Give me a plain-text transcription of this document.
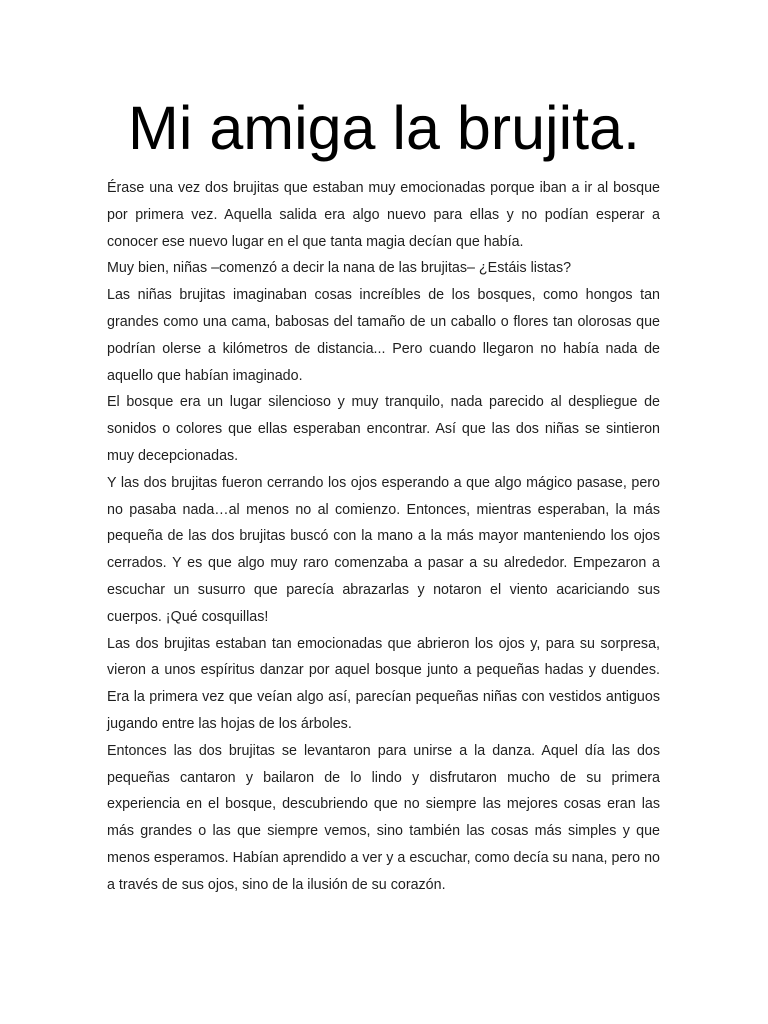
Mi amiga la brujita.

Érase una vez dos brujitas que estaban muy emocionadas porque iban a ir al bosque por primera vez. Aquella salida era algo nuevo para ellas y no podían esperar a conocer ese nuevo lugar en el que tanta magia decían que había.

Muy bien, niñas –comenzó a decir la nana de las brujitas– ¿Estáis listas?

Las niñas brujitas imaginaban cosas increíbles de los bosques, como hongos tan grandes como una cama, babosas del tamaño de un caballo o flores tan olorosas que podrían olerse a kilómetros de distancia... Pero cuando llegaron no había nada de aquello que habían imaginado.

El bosque era un lugar silencioso y muy tranquilo, nada parecido al despliegue de sonidos o colores que ellas esperaban encontrar. Así que las dos niñas se sintieron muy decepcionadas.

Y las dos brujitas fueron cerrando los ojos esperando a que algo mágico pasase, pero no pasaba nada…al menos no al comienzo. Entonces, mientras esperaban, la más pequeña de las dos brujitas buscó con la mano a la más mayor manteniendo los ojos cerrados. Y es que algo muy raro comenzaba a pasar a su alrededor. Empezaron a escuchar un susurro que parecía abrazarlas y notaron el viento acariciando sus cuerpos. ¡Qué cosquillas!

Las dos brujitas estaban tan emocionadas que abrieron los ojos y, para su sorpresa, vieron a unos espíritus danzar por aquel bosque junto a pequeñas hadas y duendes. Era la primera vez que veían algo así, parecían pequeñas niñas con vestidos antiguos jugando entre las hojas de los árboles.

Entonces las dos brujitas se levantaron para unirse a la danza. Aquel día las dos pequeñas cantaron y bailaron de lo lindo y disfrutaron mucho de su primera experiencia en el bosque, descubriendo que no siempre las mejores cosas eran las más grandes o las que siempre vemos, sino también las cosas más simples y que menos esperamos. Habían aprendido a ver y a escuchar, como decía su nana, pero no a través de sus ojos, sino de la ilusión de su corazón.
